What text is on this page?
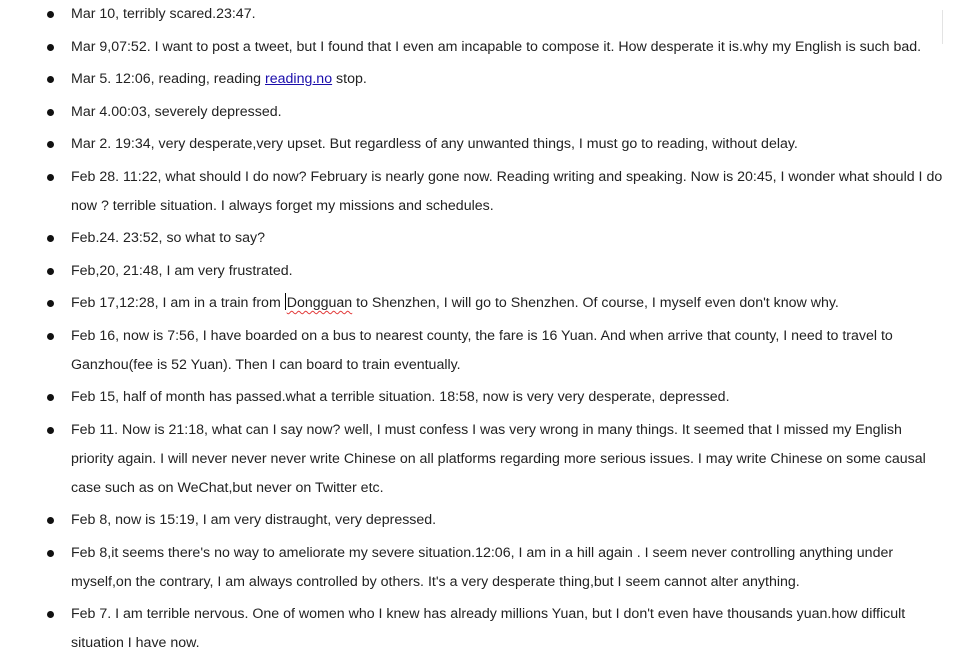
Mar 10, terribly scared.23:47.
Mar 9,07:52. I want to post a tweet, but I found that I even am incapable to compose it. How desperate it is.why my English is such bad.
Mar 5. 12:06, reading, reading reading.no stop.
Mar 4.00:03, severely depressed.
Mar 2. 19:34, very desperate,very upset. But regardless of any unwanted things, I must go to reading, without delay.
Feb 28. 11:22, what should I do now? February is nearly gone now. Reading writing and speaking. Now is 20:45, I wonder what should I do now ? terrible situation. I always forget my missions and schedules.
Feb.24. 23:52, so what to say?
Feb,20, 21:48, I am very frustrated.
Feb 17,12:28, I am in a train from Dongguan to Shenzhen, I will go to Shenzhen. Of course, I myself even don't know why.
Feb 16, now is 7:56, I have boarded on a bus to nearest county, the fare is 16 Yuan. And when arrive that county, I need to travel to Ganzhou(fee is 52 Yuan). Then I can board to train eventually.
Feb 15, half of month has passed.what a terrible situation. 18:58, now is very very desperate, depressed.
Feb 11. Now is 21:18, what can I say now? well, I must confess I was very wrong in many things. It seemed that I missed my English priority again. I will never never never write Chinese on all platforms regarding more serious issues. I may write Chinese on some causal case such as on WeChat,but never on Twitter etc.
Feb 8, now is 15:19, I am very distraught, very depressed.
Feb 8,it seems there's no way to ameliorate my severe situation.12:06, I am in a hill again . I seem never controlling anything under myself,on the contrary, I am always controlled by others. It's a very desperate thing,but I seem cannot alter anything.
Feb 7. I am terrible nervous. One of women who I knew has already millions Yuan, but I don't even have thousands yuan.how difficult situation I have now.
